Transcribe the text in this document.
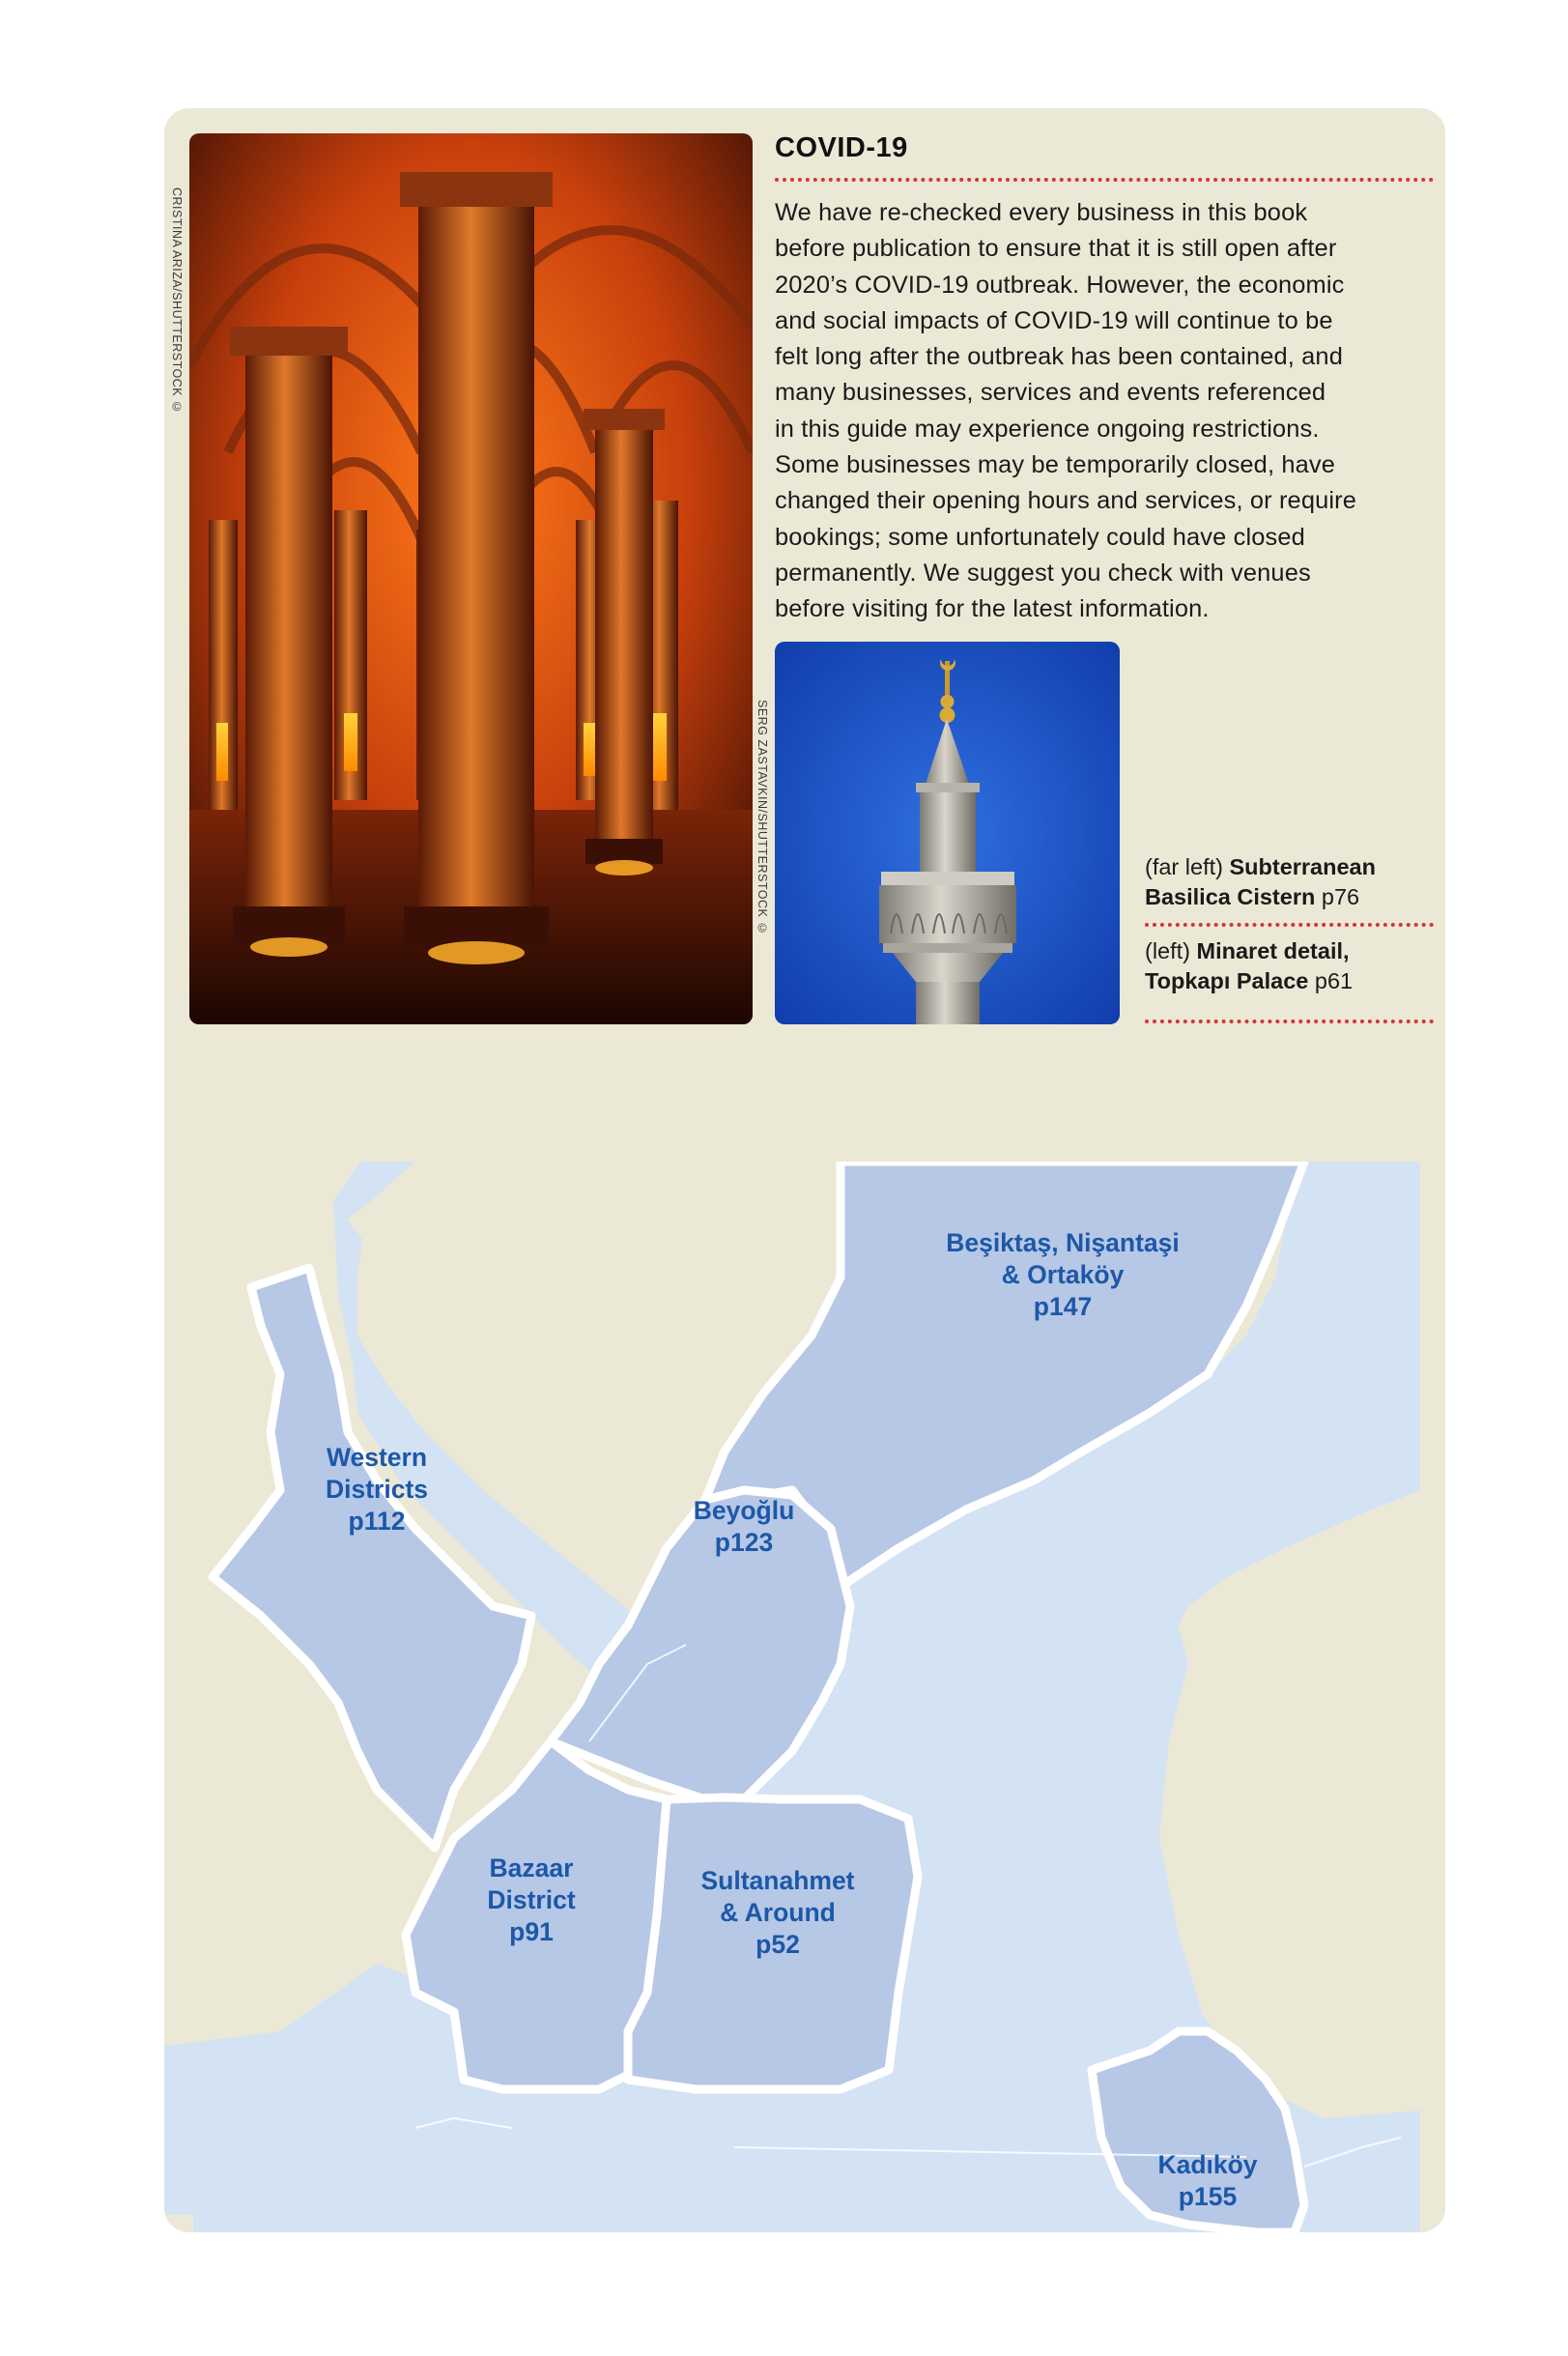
CRISTINA ARIZA/SHUTTERSTOCK ©
COVID-19

We have re-checked every business in this book
before publication to ensure that it is still open after
2020’s COVID-19 outbreak. However, the economic
and social impacts of COVID-19 will continue to be
felt long after the outbreak has been contained, and
many businesses, services and events referenced
in this guide may experience ongoing restrictions.
Some businesses may be temporarily closed, have
changed their opening hours and services, or require
bookings; some unfortunately could have closed
permanently. We suggest you check with venues
before visiting for the latest information.

SERG ZASTAVKIN/SHUTTERSTOCK ©	(far left) Subterranean
Basilica Cistern p76
(left) Minaret detail,
Topkapı Palace p61
Beşiktaş, Nişantaşi
& Ortaköy
p147
Western
Districts
p112	Beyoğlu
p123
Bazaar
District
p91
Sultanahmet
& Around
p52
Kadıköy
p155
